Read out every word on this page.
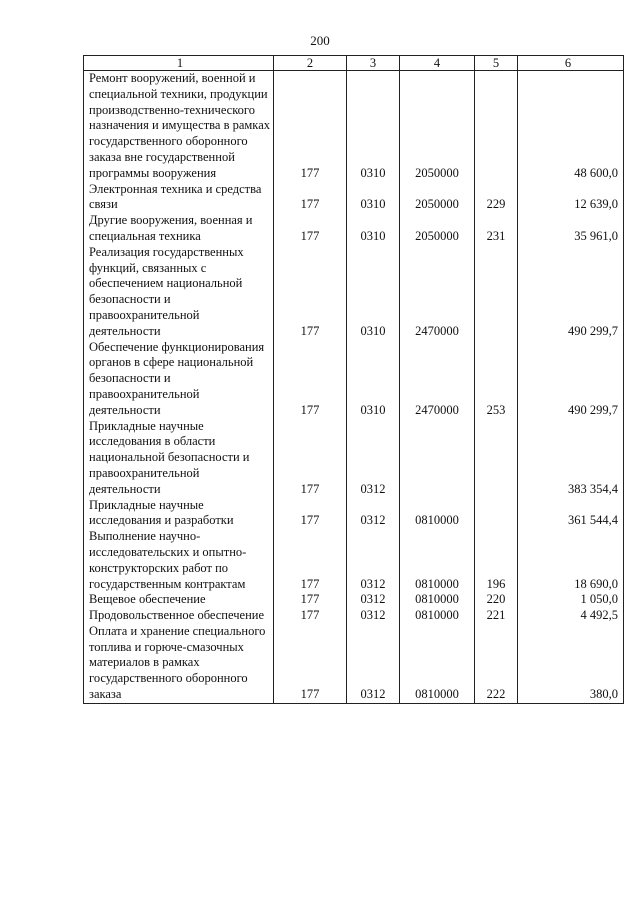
200
1	2	3	4	5	6
Ремонт вооружений, военной и специальной техники, продукции производственно-технического назначения и имущества в рамках государственного оборонного заказа вне государственной программы вооружения	177	0310	2050000		48 600,0
Электронная техника и средства связи	177	0310	2050000	229	12 639,0
Другие вооружения, военная и специальная техника	177	0310	2050000	231	35 961,0
Реализация государственных функций, связанных с обеспечением национальной безопасности и правоохранительной деятельности	177	0310	2470000		490 299,7
Обеспечение функционирования органов в сфере национальной безопасности и правоохранительной деятельности	177	0310	2470000	253	490 299,7
Прикладные научные исследования в области национальной безопасности и правоохранительной деятельности	177	0312			383 354,4
Прикладные научные исследования и разработки	177	0312	0810000		361 544,4
Выполнение научно-исследовательских и опытно-конструкторских работ по государственным контрактам	177	0312	0810000	196	18 690,0
Вещевое обеспечение	177	0312	0810000	220	1 050,0
Продовольственное обеспечение	177	0312	0810000	221	4 492,5
Оплата и хранение специального топлива и горюче-смазочных материалов в рамках государственного оборонного заказа	177	0312	0810000	222	380,0
